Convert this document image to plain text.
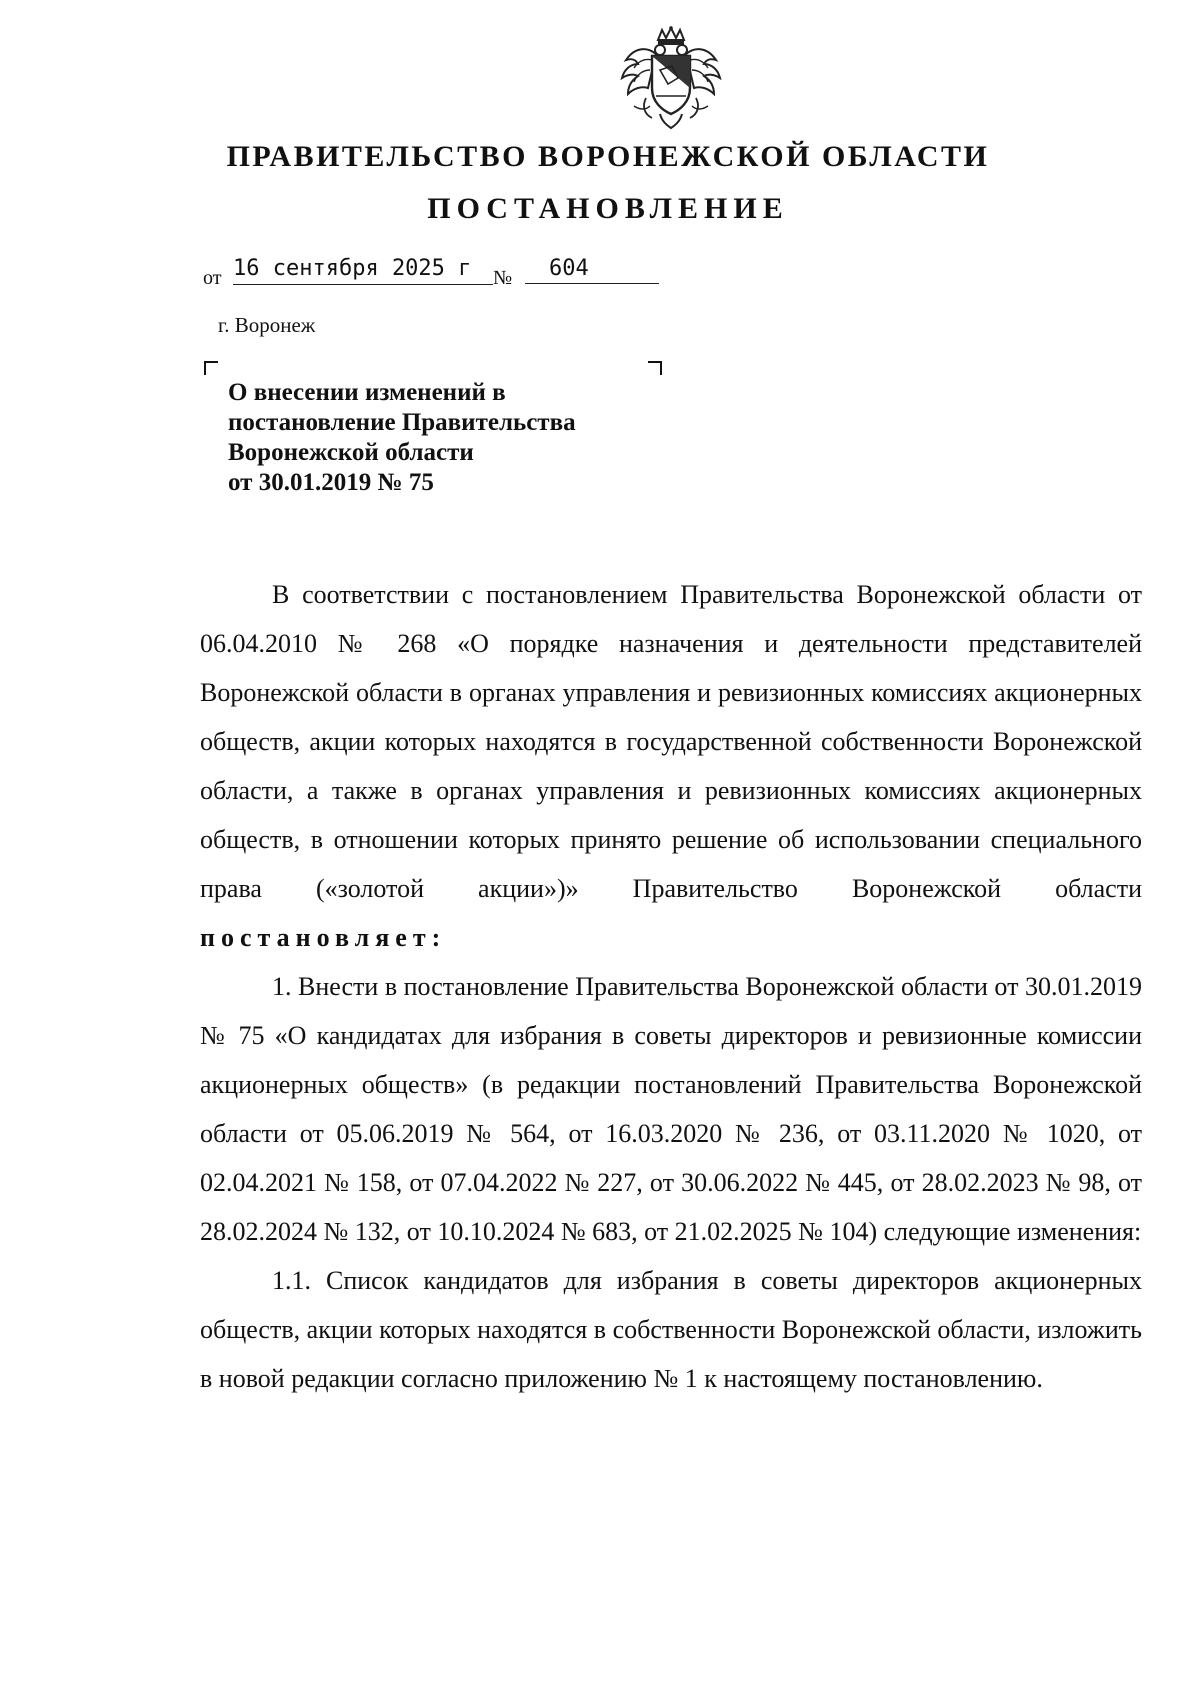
ПРАВИТЕЛЬСТВО ВОРОНЕЖСКОЙ ОБЛАСТИ
ПОСТАНОВЛЕНИЕ
от 16 сентября 2025 г	№	604
г. Воронеж
О внесении изменений в
постановление Правительства
Воронежской области
от 30.01.2019 № 75

В соответствии с постановлением Правительства Воронежской области от 06.04.2010 № 268 «О порядке назначения и деятельности представителей Воронежской области в органах управления и ревизионных комиссиях акционерных обществ, акции которых находятся в государственной собственности Воронежской области, а также в органах управления и ревизионных комиссиях акционерных обществ, в отношении которых принято решение об использовании специального права («золотой акции»)» Правительство Воронежской области постановляет:

1. Внести в постановление Правительства Воронежской области от 30.01.2019 № 75 «О кандидатах для избрания в советы директоров и ревизионные комиссии акционерных обществ» (в редакции постановлений Правительства Воронежской области от 05.06.2019 № 564, от 16.03.2020 № 236, от 03.11.2020 № 1020, от 02.04.2021 № 158, от 07.04.2022 № 227, от 30.06.2022 № 445, от 28.02.2023 № 98, от 28.02.2024 № 132, от 10.10.2024 № 683, от 21.02.2025 № 104) следующие изменения:

1.1. Список кандидатов для избрания в советы директоров акционерных обществ, акции которых находятся в собственности Воронежской области, изложить в новой редакции согласно приложению № 1 к настоящему постановлению.
